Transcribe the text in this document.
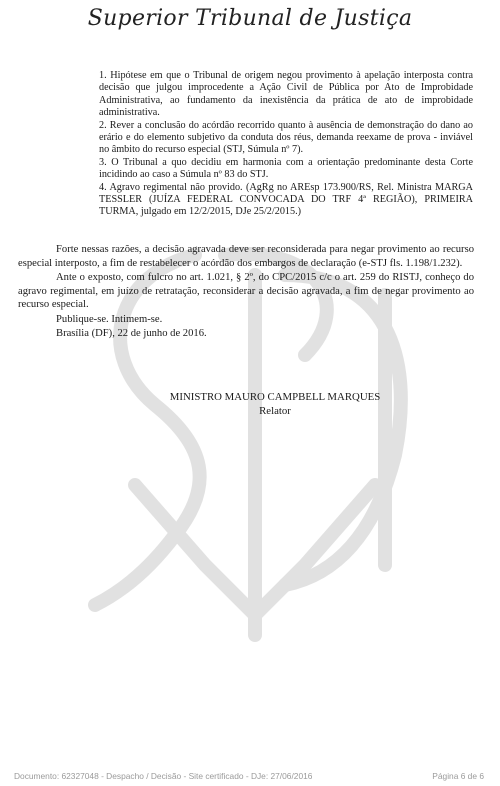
Superior Tribunal de Justiça

1. Hipótese em que o Tribunal de origem negou provimento à apelação interposta contra decisão que julgou improcedente a Ação Civil de Pública por Ato de Improbidade Administrativa, ao fundamento da inexistência da prática de ato de improbidade administrativa.

2. Rever a conclusão do acórdão recorrido quanto à ausência de demonstração do dano ao erário e do elemento subjetivo da conduta dos réus, demanda reexame de prova - inviável no âmbito do recurso especial (STJ, Súmula nº 7).

3. O Tribunal a quo decidiu em harmonia com a orientação predominante desta Corte incidindo ao caso a Súmula nº 83 do STJ.

4. Agravo regimental não provido. (AgRg no AREsp 173.900/RS, Rel. Ministra MARGA TESSLER (JUÍZA FEDERAL CONVOCADA DO TRF 4ª REGIÃO), PRIMEIRA TURMA, julgado em 12/2/2015, DJe 25/2/2015.)

Forte nessas razões, a decisão agravada deve ser reconsiderada para negar provimento ao recurso especial interposto, a fim de restabelecer o acórdão dos embargos de declaração (e-STJ fls. 1.198/1.232).

Ante o exposto, com fulcro no art. 1.021, § 2º, do CPC/2015 c/c o art. 259 do RISTJ, conheço do agravo regimental, em juízo de retratação, reconsiderar a decisão agravada, a fim de negar provimento ao recurso especial.

Publique-se. Intimem-se.

Brasília (DF), 22 de junho de 2016.

MINISTRO MAURO CAMPBELL MARQUES
Relator
Documento: 62327048 - Despacho / Decisão - Site certificado - DJe: 27/06/2016	Página 6 de 6
